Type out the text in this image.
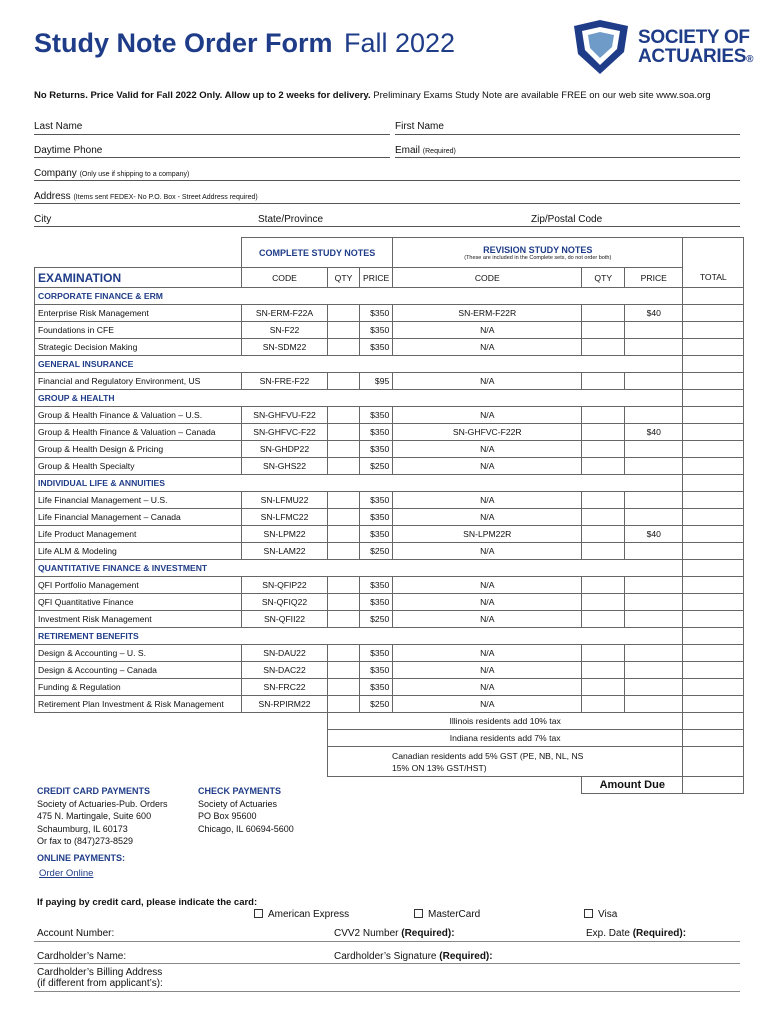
Study Note Order Form Fall 2022	SOCIETY OF
ACTUARIES®
No Returns. Price Valid for Fall 2022 Only. Allow up to 2 weeks for delivery. Preliminary Exams Study Note are available FREE on our web site www.soa.org
Last Name	First Name
Daytime Phone	Email (Required)
Company (Only use if shipping to a company)
Address (Items sent FEDEX- No P.O. Box - Street Address required)
City	State/Province	Zip/Postal Code
	COMPLETE STUDY NOTES			REVISION STUDY NOTES
(These are included in the Complete sets, do not order both)			

EXAMINATION	CODE	QTY	PRICE	CODE	QTY	PRICE	TOTAL
CORPORATE FINANCE & ERM							
Enterprise Risk Management	SN-ERM-F22A		$350	SN-ERM-F22R		$40	
Foundations in CFE	SN-F22		$350	N/A			
Strategic Decision Making	SN-SDM22		$350	N/A			
GENERAL INSURANCE							
Financial and Regulatory Environment, US	SN-FRE-F22		$95	N/A			
GROUP & HEALTH							
Group & Health Finance & Valuation – U.S.	SN-GHFVU-F22		$350	N/A			
Group & Health Finance & Valuation – Canada	SN-GHFVC-F22		$350	SN-GHFVC-F22R		$40	
Group & Health Design & Pricing	SN-GHDP22		$350	N/A			
Group & Health Specialty	SN-GHS22		$250	N/A			
INDIVIDUAL LIFE & ANNUITIES							
Life Financial Management – U.S.	SN-LFMU22		$350	N/A			
Life Financial Management – Canada	SN-LFMC22		$350	N/A			
Life Product Management	SN-LPM22		$350	SN-LPM22R		$40	
Life ALM & Modeling	SN-LAM22		$250	N/A			
QUANTITATIVE FINANCE & INVESTMENT							
QFI Portfolio Management	SN-QFIP22		$350	N/A			
QFI Quantitative Finance	SN-QFIQ22		$350	N/A			
Investment Risk Management	SN-QFII22		$250	N/A			
RETIREMENT BENEFITS							
Design & Accounting – U. S.	SN-DAU22		$350	N/A			
Design & Accounting – Canada	SN-DAC22		$350	N/A			
Funding & Regulation	SN-FRC22		$350	N/A			
Retirement Plan Investment & Risk Management	SN-RPIRM22		$250	N/A			
		Illinois residents add 10% tax					
		Indiana residents add 7% tax					

		Canadian residents add 5% GST (PE, NB, NL, NS
15% ON 13% GST/HST)					

					Amount Due		
CREDIT CARD PAYMENTS
Society of Actuaries-Pub. Orders
475 N. Martingale, Suite 600
Schaumburg, IL 60173
Or fax to (847)273-8529
CHECK PAYMENTS
Society of Actuaries
PO Box 95600
Chicago, IL 60694-5600
ONLINE PAYMENTS:
Order Online
If paying by credit card, please indicate the card:
American Express	MasterCard	Visa
Account Number:	CVV2 Number (Required):	Exp. Date (Required):
Cardholder’s Name:	Cardholder’s Signature (Required):
Cardholder’s Billing Address
(if different from applicant’s):
